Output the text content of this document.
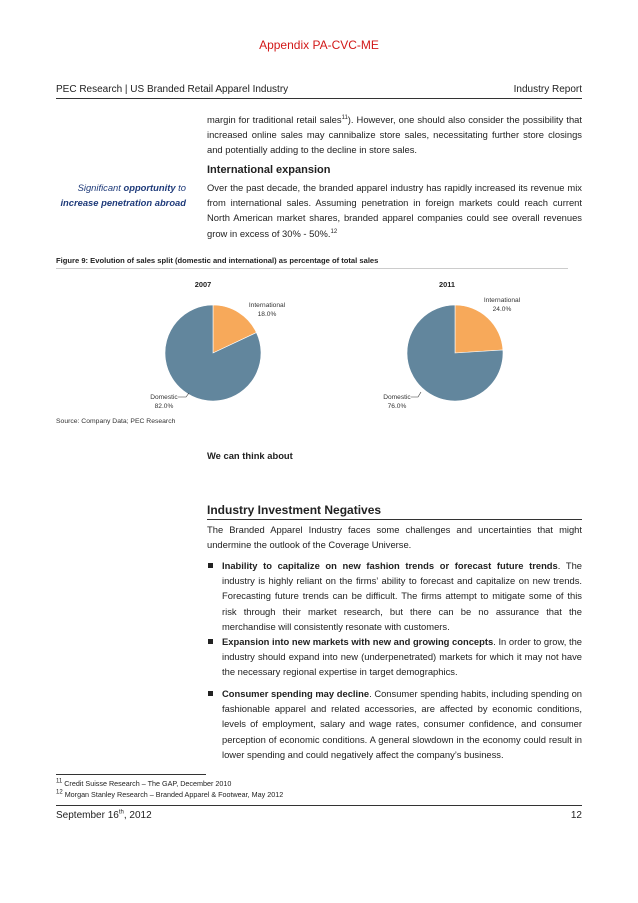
Appendix PA-CVC-ME
PEC Research | US Branded Retail Apparel Industry	Industry Report
margin for traditional retail sales$^{11}$). However, one should also consider the possibility that increased online sales may cannibalize store sales, necessitating further store closings and potentially adding to the decline in store sales.
International expansion
Significant opportunity to
increase penetration abroad
Over the past decade, the branded apparel industry has rapidly increased its revenue mix from international sales. Assuming penetration in foreign markets could reach current North American market shares, branded apparel companies could see overall revenues grow in excess of 30% - 50%.$^{12}$
Figure 9: Evolution of sales split (domestic and international) as percentage of total sales
2007
International
18.0%
Domestic
82.0%
2011
International
24.0%
Domestic
76.0%
Source: Company Data; PEC Research
We can think about
Industry Investment Negatives
The Branded Apparel Industry faces some challenges and uncertainties that might undermine the outlook of the Coverage Universe.
Inability to capitalize on new fashion trends or forecast future trends. The industry is highly reliant on the firms’ ability to forecast and capitalize on new trends. Forecasting future trends can be difficult. The firms attempt to mitigate some of this risk through their market research, but there can be no assurance that the merchandise will consistently resonate with customers.
Expansion into new markets with new and growing concepts. In order to grow, the industry should expand into new (underpenetrated) markets for which it may not have the necessary regional expertise in target demographics.
Consumer spending may decline. Consumer spending habits, including spending on fashionable apparel and related accessories, are affected by economic conditions, levels of employment, salary and wage rates, consumer confidence, and consumer perception of economic conditions. A general slowdown in the economy could result in lower spending and could negatively affect the company’s business.
$^{11}$ Credit Suisse Research – The GAP, December 2010
$^{12}$ Morgan Stanley Research – Branded Apparel & Footwear, May 2012
September 16th, 2012	12
